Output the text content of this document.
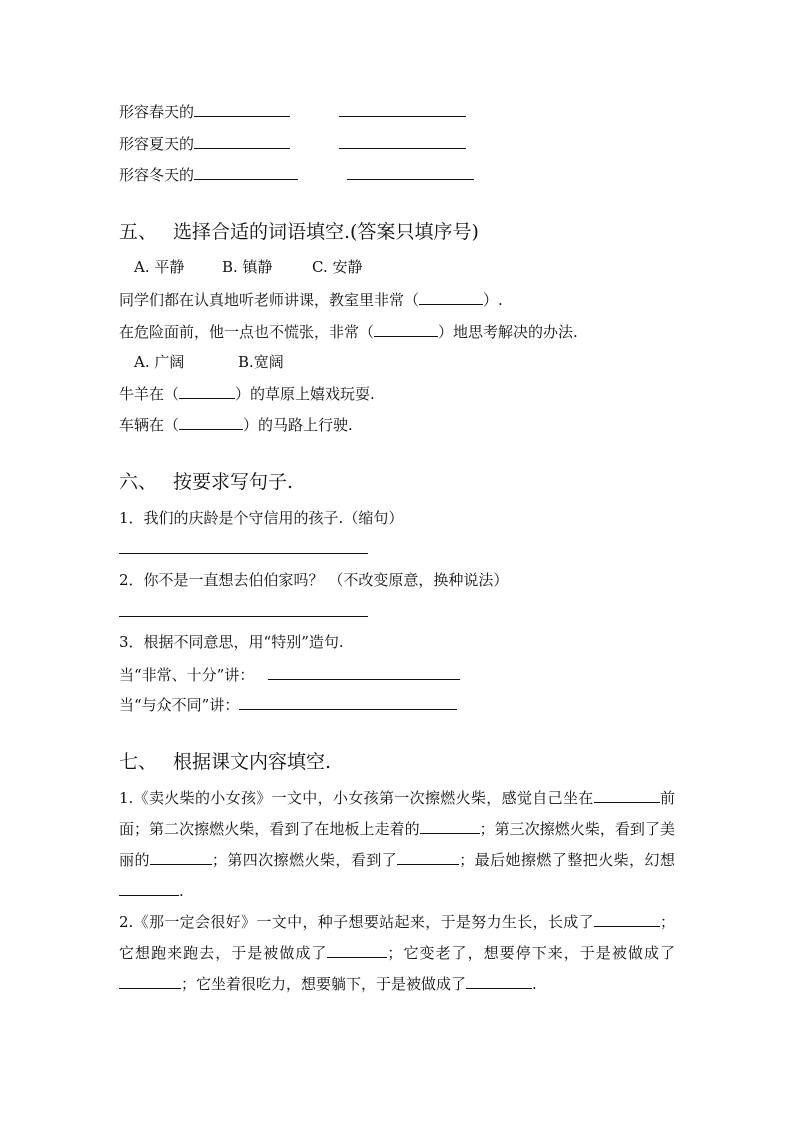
形容春天的
形容夏天的
形容冬天的
五、 选择合适的词语填空.(答案只填序号)
A. 平静	B. 镇静	C. 安静
同学们都在认真地听老师讲课，教室里非常（	）.
在危险面前，他一点也不慌张，非常（	）地思考解决的办法.
A. 广阔	B.宽阔
牛羊在（	）的草原上嬉戏玩耍.
车辆在（	）的马路上行驶.
六、 按要求写句子.
1．我们的庆龄是个守信用的孩子.（缩句）
2．你不是一直想去伯伯家吗？ （不改变原意，换种说法）
3．根据不同意思，用“特别”造句.
当“非常、十分”讲：
当“与众不同”讲：
七、 根据课文内容填空.
1.《卖火柴的小女孩》一文中，小女孩第一次擦燃火柴，感觉自己坐在	前面；第二次擦燃火柴，看到了在地板上走着的	；第三次擦燃火柴，看到了美丽的	；第四次擦燃火柴，看到了	；最后她擦燃了整把火柴，幻想 .
2.《那一定会很好》一文中，种子想要站起来，于是努力生长，长成了	；它想跑来跑去，于是被做成了	；它变老了，想要停下来，于是被做成了；它坐着很吃力，想要躺下，于是被做成了	.
